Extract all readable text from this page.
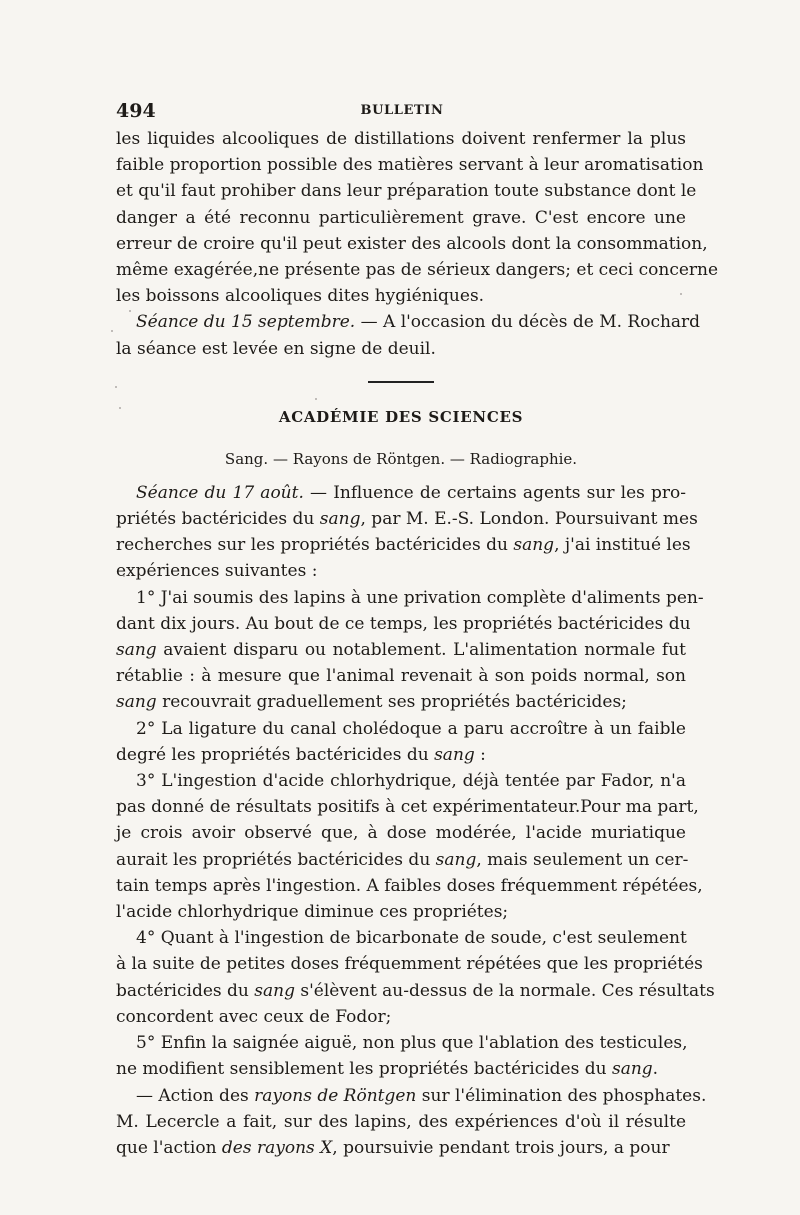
494	BULLETIN
les liquides alcooliques de distillations doivent renfermer la plus
faible proportion possible des matières servant à leur aromatisation
et qu'il faut prohiber dans leur préparation toute substance dont le
danger a été reconnu particulièrement grave. C'est encore une
erreur de croire qu'il peut exister des alcools dont la consommation,
même exagérée,ne présente pas de sérieux dangers; et ceci concerne
les boissons alcooliques dites hygiéniques.
Séance du 15 septembre. — A l'occasion du décès de M. Rochard
la séance est levée en signe de deuil.
ACADÉMIE DES SCIENCES
Sang. — Rayons de Röntgen. — Radiographie.
Séance du 17 août. — Influence de certains agents sur les pro-
priétés bactéricides du sang, par M. E.-S. London. Poursuivant mes
recherches sur les propriétés bactéricides du sang, j'ai institué les
expériences suivantes :
1° J'ai soumis des lapins à une privation complète d'aliments pen-
dant dix jours. Au bout de ce temps, les propriétés bactéricides du
sang avaient disparu ou notablement. L'alimentation normale fut
rétablie : à mesure que l'animal revenait à son poids normal, son
sang recouvrait graduellement ses propriétés bactéricides;
2° La ligature du canal cholédoque a paru accroître à un faible
degré les propriétés bactéricides du sang :
3° L'ingestion d'acide chlorhydrique, déjà tentée par Fador, n'a
pas donné de résultats positifs à cet expérimentateur.Pour ma part,
je crois avoir observé que, à dose modérée, l'acide muriatique
aurait les propriétés bactéricides du sang, mais seulement un cer-
tain temps après l'ingestion. A faibles doses fréquemment répétées,
l'acide chlorhydrique diminue ces propriétes;
4° Quant à l'ingestion de bicarbonate de soude, c'est seulement
à la suite de petites doses fréquemment répétées que les propriétés
bactéricides du sang s'élèvent au-dessus de la normale. Ces résultats
concordent avec ceux de Fodor;
5° Enfin la saignée aiguë, non plus que l'ablation des testicules,
ne modifient sensiblement les propriétés bactéricides du sang.
— Action des rayons de Röntgen sur l'élimination des phosphates.
M. Lecercle a fait, sur des lapins, des expériences d'où il résulte
que l'action des rayons X, poursuivie pendant trois jours, a pour
